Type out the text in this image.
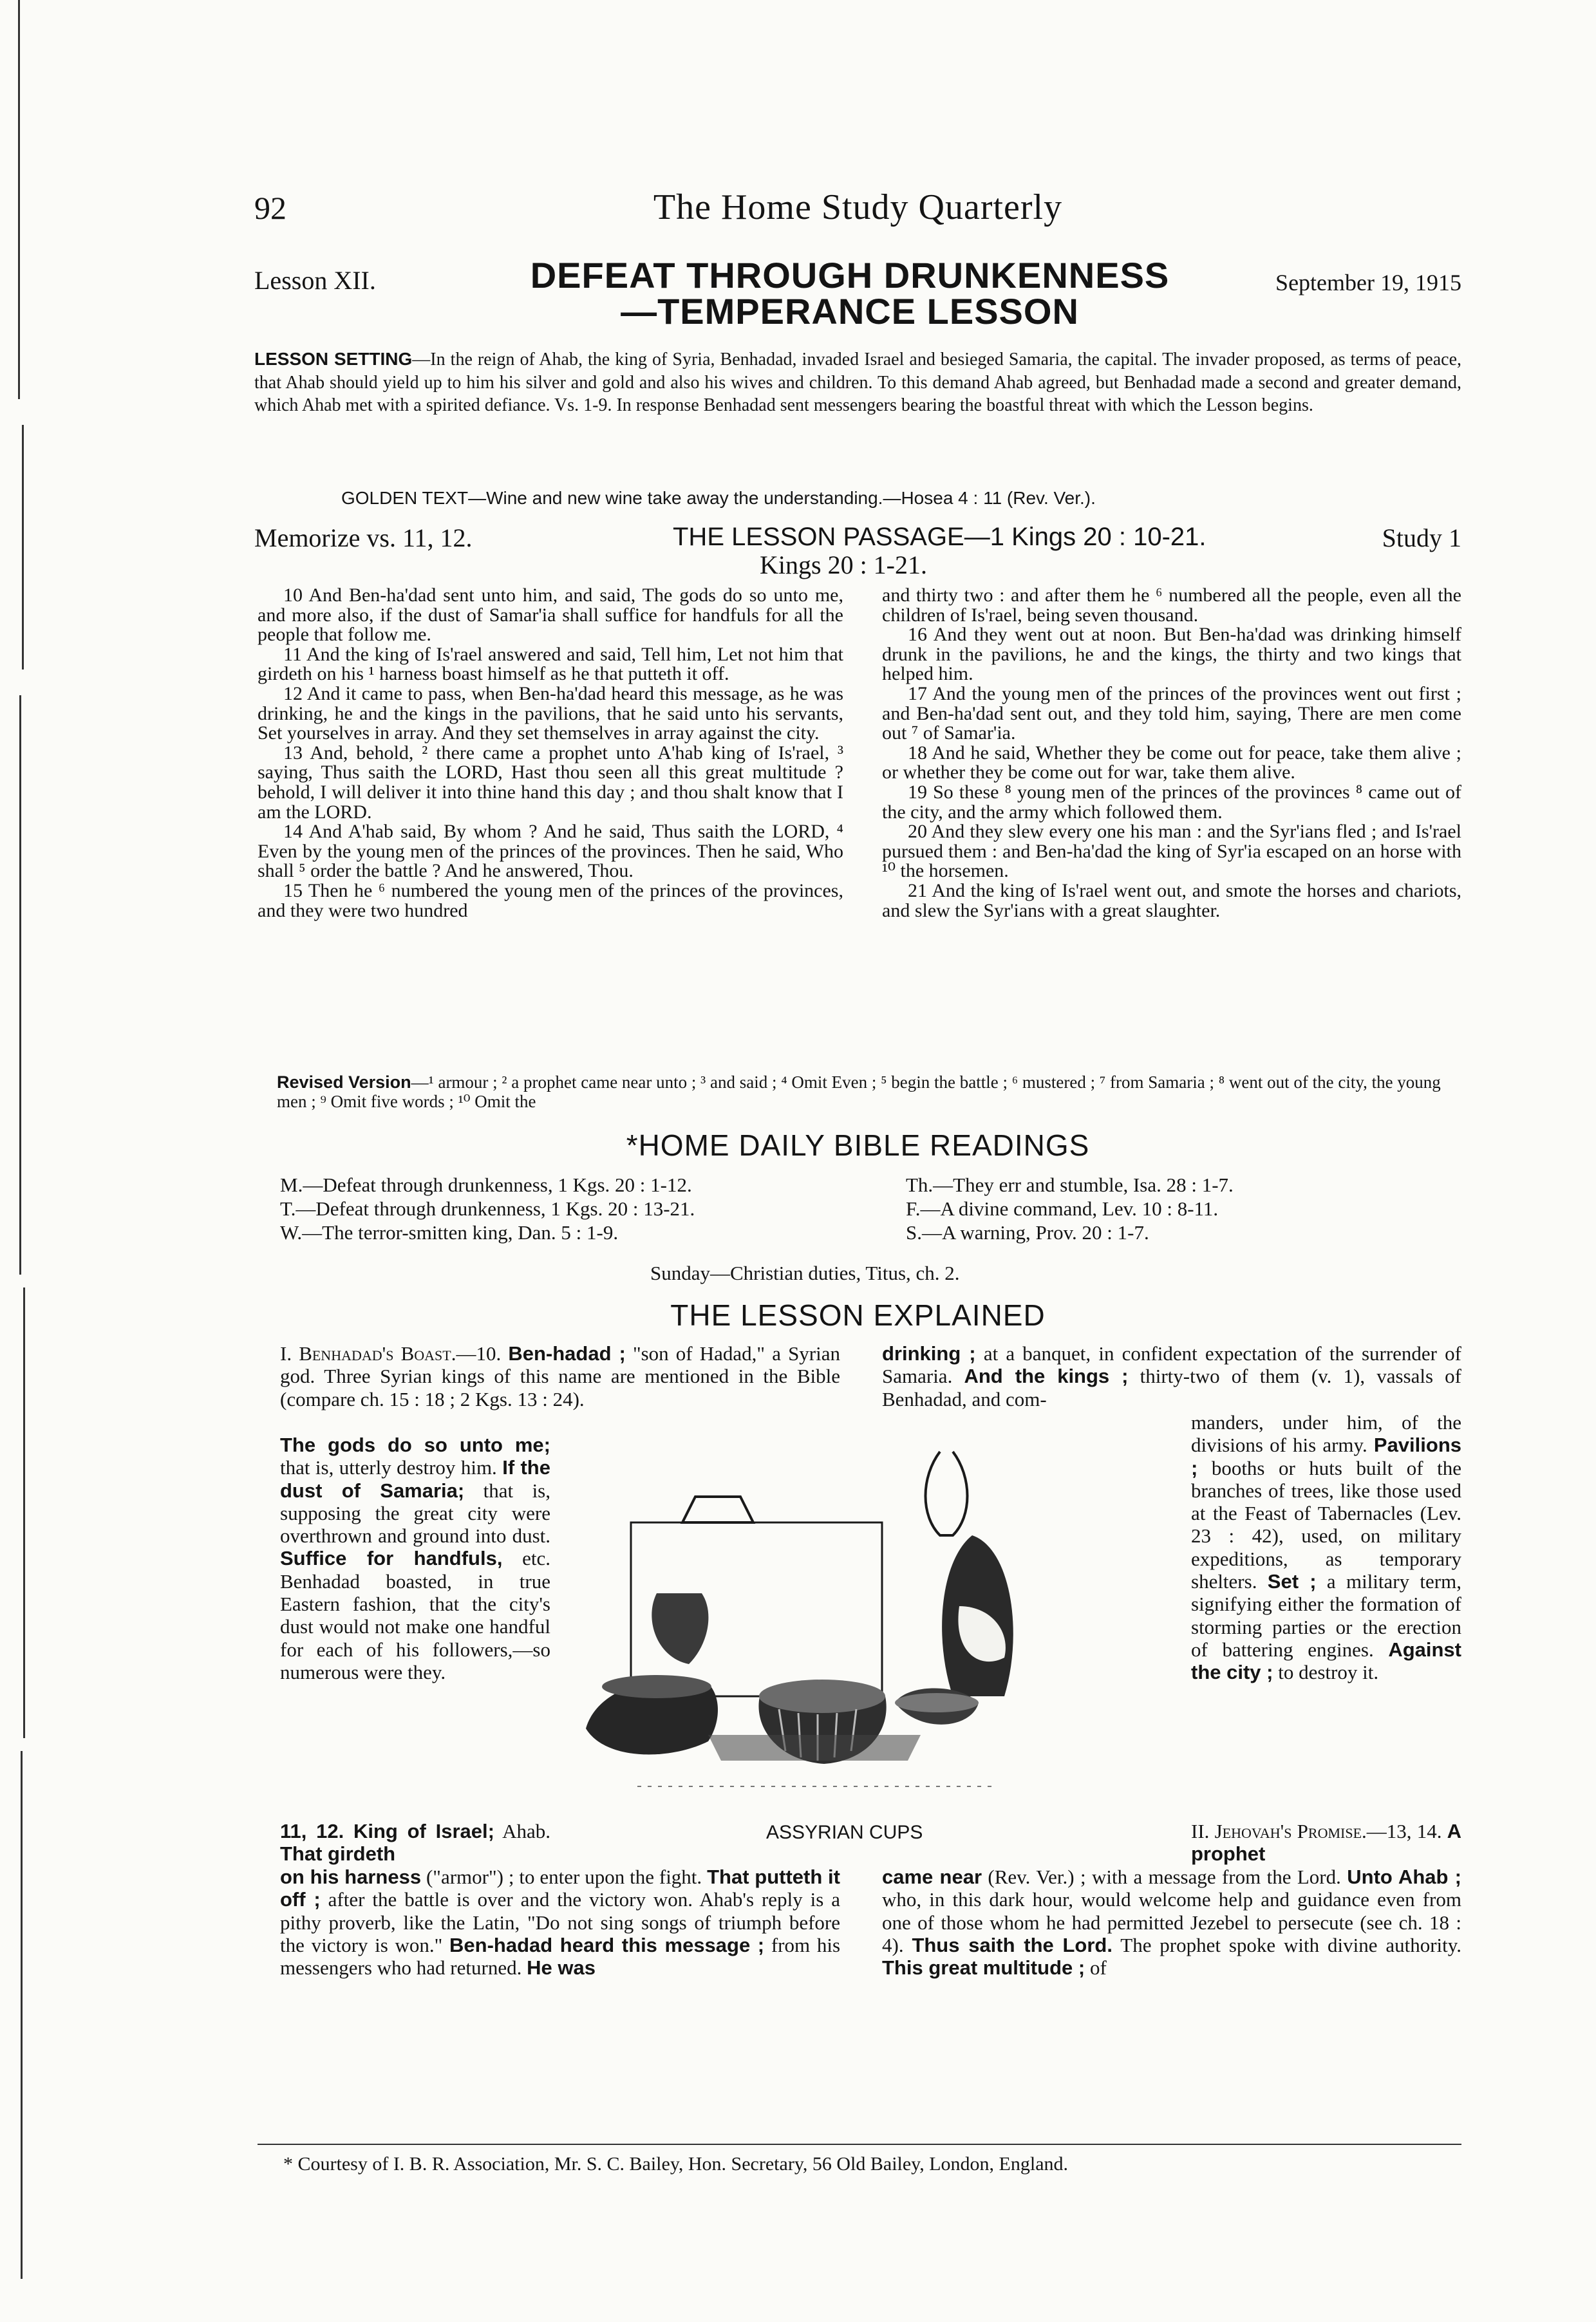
92	The Home Study Quarterly
Lesson XII.	DEFEAT THROUGH DRUNKENNESS
—TEMPERANCE LESSON
September 19, 1915
LESSON SETTING—In the reign of Ahab, the king of Syria, Benhadad, invaded Israel and besieged Samaria, the capital. The invader proposed, as terms of peace, that Ahab should yield up to him his silver and gold and also his wives and children. To this demand Ahab agreed, but Benhadad made a second and greater demand, which Ahab met with a spirited defiance. Vs. 1-9. In response Benhadad sent messengers bearing the boastful threat with which the Lesson begins.
GOLDEN TEXT—Wine and new wine take away the understanding.—Hosea 4 : 11 (Rev. Ver.).
Memorize vs. 11, 12.	THE LESSON PASSAGE—1 Kings 20 : 10-21.	Study 1
Kings 20 : 1-21.

10 And Ben-ha'dad sent unto him, and said, The gods do so unto me, and more also, if the dust of Samar'ia shall suffice for handfuls for all the people that follow me.

11 And the king of Is'rael answered and said, Tell him, Let not him that girdeth on his ¹ harness boast himself as he that putteth it off.

12 And it came to pass, when Ben-ha'dad heard this message, as he was drinking, he and the kings in the pavilions, that he said unto his servants, Set yourselves in array. And they set themselves in array against the city.

13 And, behold, ² there came a prophet unto A'hab king of Is'rael, ³ saying, Thus saith the LORD, Hast thou seen all this great multitude ? behold, I will deliver it into thine hand this day ; and thou shalt know that I am the LORD.

14 And A'hab said, By whom ? And he said, Thus saith the LORD, ⁴ Even by the young men of the princes of the provinces. Then he said, Who shall ⁵ order the battle ? And he answered, Thou.

15 Then he ⁶ numbered the young men of the princes of the provinces, and they were two hundred

and thirty two : and after them he ⁶ numbered all the people, even all the children of Is'rael, being seven thousand.

16 And they went out at noon. But Ben-ha'dad was drinking himself drunk in the pavilions, he and the kings, the thirty and two kings that helped him.

17 And the young men of the princes of the provinces went out first ; and Ben-ha'dad sent out, and they told him, saying, There are men come out ⁷ of Samar'ia.

18 And he said, Whether they be come out for peace, take them alive ; or whether they be come out for war, take them alive.

19 So these ⁸ young men of the princes of the provinces ⁸ came out of the city, and the army which followed them.

20 And they slew every one his man : and the Syr'ians fled ; and Is'rael pursued them : and Ben-ha'dad the king of Syr'ia escaped on an horse with ¹⁰ the horsemen.

21 And the king of Is'rael went out, and smote the horses and chariots, and slew the Syr'ians with a great slaughter.

Revised Version—¹ armour ; ² a prophet came near unto ; ³ and said ; ⁴ Omit Even ; ⁵ begin the battle ; ⁶ mustered ; ⁷ from Samaria ; ⁸ went out of the city, the young men ; ⁹ Omit five words ; ¹⁰ Omit the
*HOME DAILY BIBLE READINGS
M.—Defeat through drunkenness, 1 Kgs. 20 : 1-12.
T.—Defeat through drunkenness, 1 Kgs. 20 : 13-21.
W.—The terror-smitten king, Dan. 5 : 1-9.
Th.—They err and stumble, Isa. 28 : 1-7.
F.—A divine command, Lev. 10 : 8-11.
S.—A warning, Prov. 20 : 1-7.
Sunday—Christian duties, Titus, ch. 2.
THE LESSON EXPLAINED
I. Benhadad's Boast.—10. Ben-hadad ; "son of Hadad," a Syrian god. Three Syrian kings of this name are mentioned in the Bible (compare ch. 15 : 18 ; 2 Kgs. 13 : 24).
The gods do so unto me; that is, utterly destroy him. If the dust of Samaria; that is, supposing the great city were overthrown and ground into dust. Suffice for handfuls, etc. Benhadad boasted, in true Eastern fashion, that the city's dust would not make one handful for each of his followers,—so numerous were they.
11, 12. King of Israel; Ahab. That girdeth
on his harness ("armor") ; to enter upon the fight. That putteth it off ; after the battle is over and the victory won. Ahab's reply is a pithy proverb, like the Latin, "Do not sing songs of triumph before the victory is won." Ben-hadad heard this message ; from his messengers who had returned. He was
drinking ; at a banquet, in confident expectation of the surrender of Samaria. And the kings ; thirty-two of them (v. 1), vassals of Benhadad, and com-
manders, under him, of the divisions of his army. Pavilions ; booths or huts built of the branches of trees, like those used at the Feast of Tabernacles (Lev. 23 : 42), used, on military expeditions, as temporary shelters. Set ; a military term, signifying either the formation of storming parties or the erection of battering engines. Against the city ; to destroy it.
II. Jehovah's Promise.—13, 14. A prophet
came near (Rev. Ver.) ; with a message from the Lord. Unto Ahab ; who, in this dark hour, would welcome help and guidance even from one of those whom he had permitted Jezebel to persecute (see ch. 18 : 4). Thus saith the Lord. The prophet spoke with divine authority. This great multitude ; of
ASSYRIAN CUPS
* Courtesy of I. B. R. Association, Mr. S. C. Bailey, Hon. Secretary, 56 Old Bailey, London, England.
